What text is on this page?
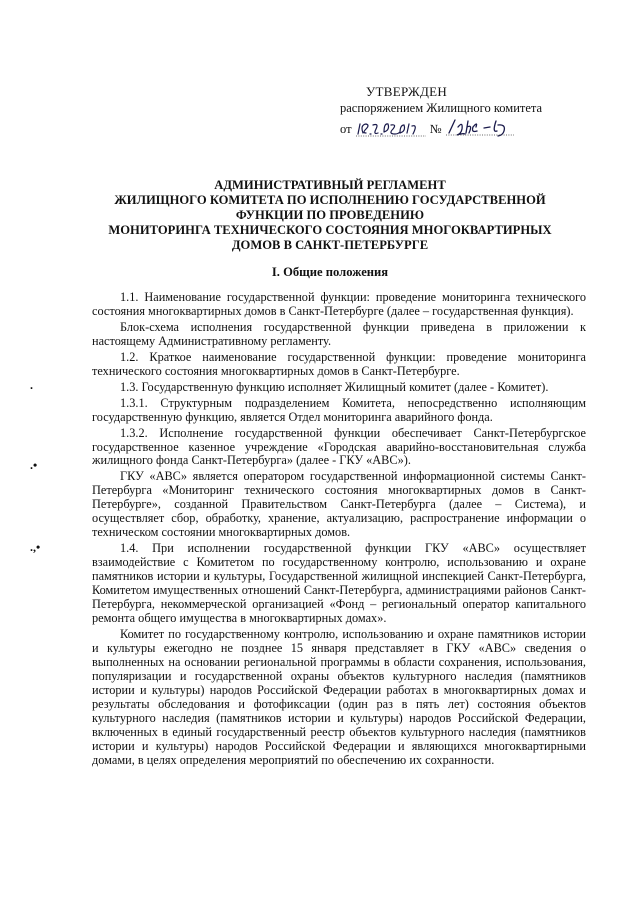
УТВЕРЖДЕН
распоряжением Жилищного комитета
от	№
АДМИНИСТРАТИВНЫЙ РЕГЛАМЕНТ
ЖИЛИЩНОГО КОМИТЕТА ПО ИСПОЛНЕНИЮ ГОСУДАРСТВЕННОЙ
ФУНКЦИИ ПО ПРОВЕДЕНИЮ
МОНИТОРИНГА ТЕХНИЧЕСКОГО СОСТОЯНИЯ МНОГОКВАРТИРНЫХ
ДОМОВ В САНКТ-ПЕТЕРБУРГЕ
I. Общие положения

1.1. Наименование государственной функции: проведение мониторинга технического состояния многоквартирных домов в Санкт-Петербурге (далее – государственная функция).

Блок-схема исполнения государственной функции приведена в приложении к настоящему Административному регламенту.

1.2. Краткое наименование государственной функции: проведение мониторинга технического состояния многоквартирных домов в Санкт-Петербурге.

1.3. Государственную функцию исполняет Жилищный комитет (далее - Комитет).

1.3.1. Структурным подразделением Комитета, непосредственно исполняющим государственную функцию, является Отдел мониторинга аварийного фонда.

1.3.2. Исполнение государственной функции обеспечивает Санкт-Петербургское государственное казенное учреждение «Городская аварийно-восстановительная служба жилищного фонда Санкт-Петербурга» (далее - ГКУ «АВС»).

ГКУ «АВС» является оператором государственной информационной системы Санкт-Петербурга «Мониторинг технического состояния многоквартирных домов в Санкт-Петербурге», созданной Правительством Санкт-Петербурга (далее – Система), и осуществляет сбор, обработку, хранение, актуализацию, распространение информации о техническом состоянии многоквартирных домов.

1.4. При исполнении государственной функции ГКУ «АВС» осуществляет взаимодействие с Комитетом по государственному контролю, использованию и охране памятников истории и культуры, Государственной жилищной инспекцией Санкт-Петербурга, Комитетом имущественных отношений Санкт-Петербурга, администрациями районов Санкт-Петербурга, некоммерческой организацией «Фонд – региональный оператор капитального ремонта общего имущества в многоквартирных домах».

Комитет по государственному контролю, использованию и охране памятников истории и культуры ежегодно не позднее 15 января представляет в ГКУ «АВС» сведения о выполненных на основании региональной программы в области сохранения, использования, популяризации и государственной охраны объектов культурного наследия (памятников истории и культуры) народов Российской Федерации работах в многоквартирных домах и результаты обследования и фотофиксации (один раз в пять лет) состояния объектов культурного наследия (памятников истории и культуры) народов Российской Федерации, включенных в единый государственный реестр объектов культурного наследия (памятников истории и культуры) народов Российской Федерации и являющихся многоквартирными домами, в целях определения мероприятий по обеспечению их сохранности.

.
.•
.,•
